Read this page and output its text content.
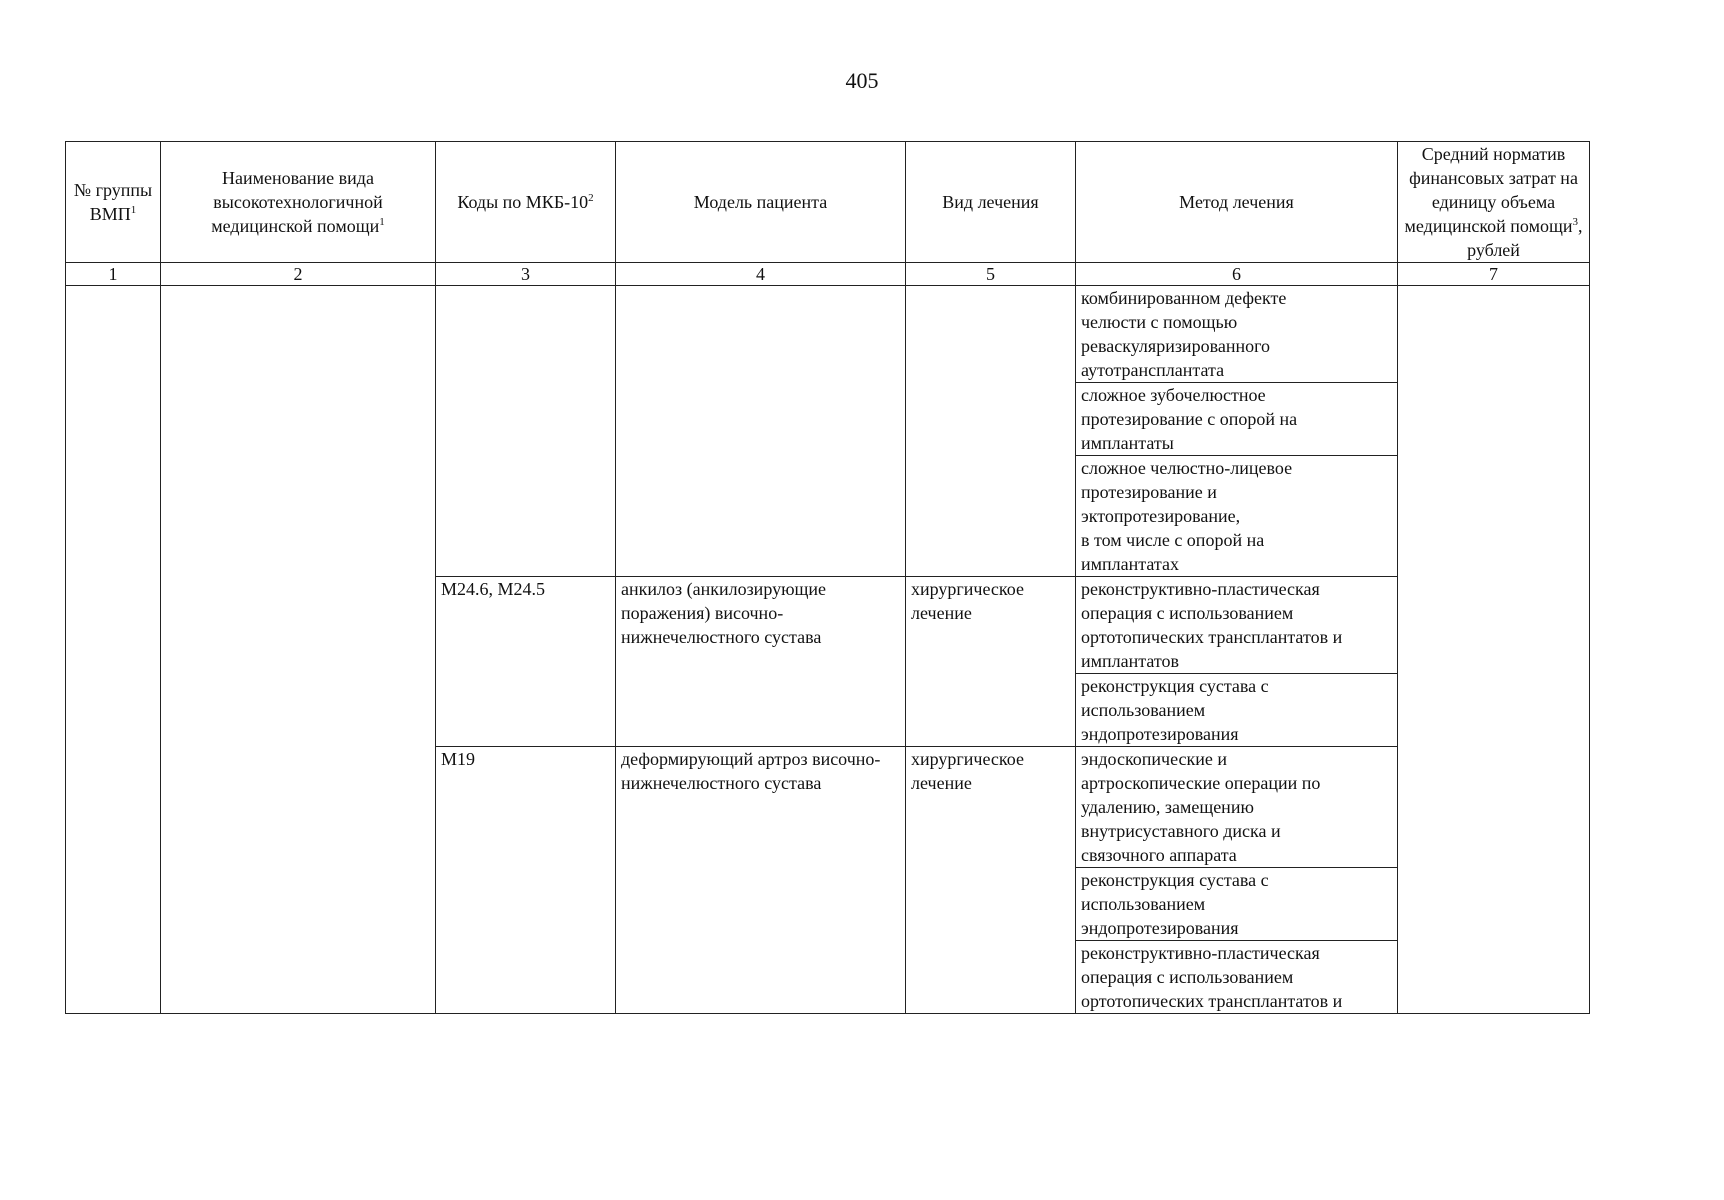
405
№ группы ВМП$^1$	Наименование вида высокотехнологичной медицинской помощи$^1$	Коды по МКБ-$10^2$	Модель пациента	Вид лечения	Метод лечения	Средний норматив финансовых затрат на единицу объема медицинской помощи$^3$, рублей
1	2	3	4	5	6	7
					комбинированном дефекте
челюсти с помощью
реваскуляризированного
аутотрансплантата	
					сложное зубочелюстное
протезирование с опорой на
имплантаты	
					сложное челюстно-лицевое
протезирование и
эктопротезирование,
в том числе с опорой на
имплантатах	
		M24.6, M24.5	анкилоз (анкилозирующие поражения) височно-нижнечелюстного сустава	хирургическое лечение	реконструктивно-пластическая
операция с использованием
ортотопических трансплантатов и
имплантатов	
					реконструкция сустава с
использованием
эндопротезирования	
		M19	деформирующий артроз височно-нижнечелюстного сустава	хирургическое лечение	эндоскопические и
артроскопические операции по
удалению, замещению
внутрисуставного диска и
связочного аппарата	
					реконструкция сустава с
использованием
эндопротезирования	
					реконструктивно-пластическая
операция с использованием
ортотопических трансплантатов и	
